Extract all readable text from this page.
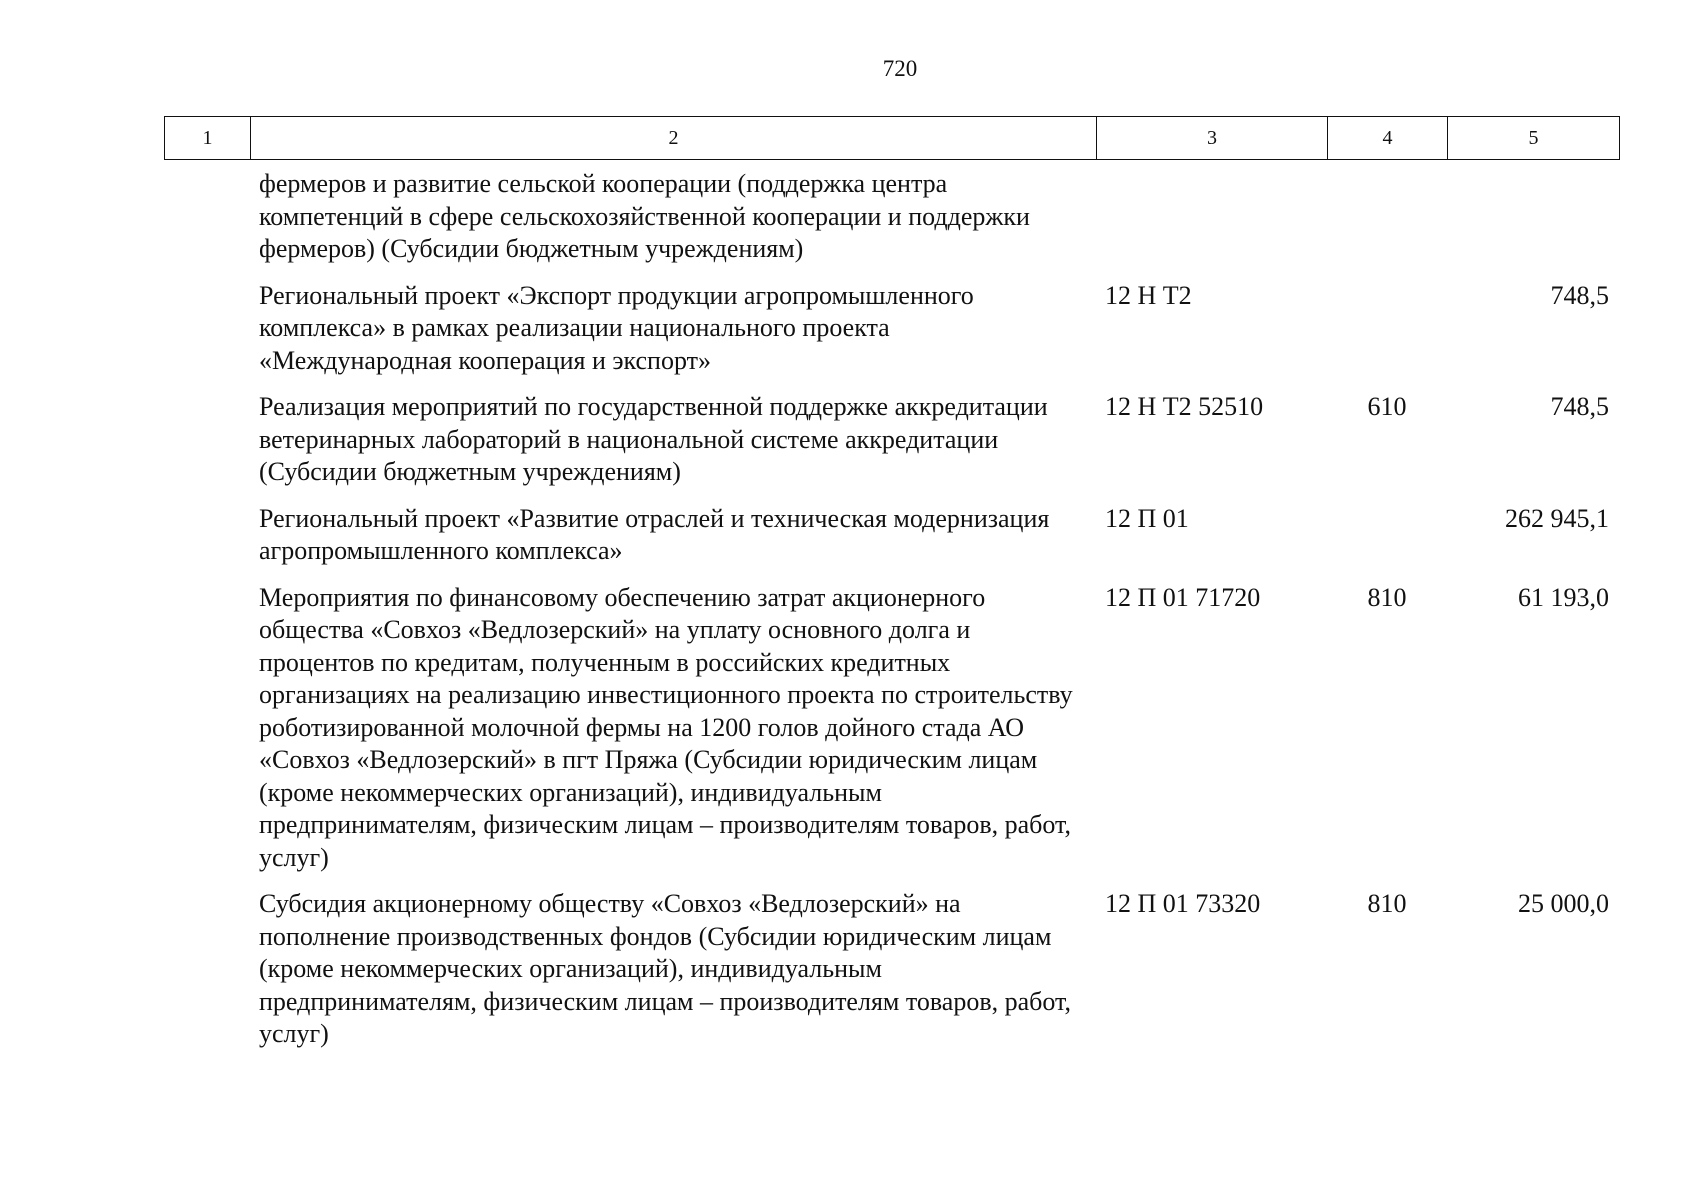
720
1	2	3	4	5
фермеров и развитие сельской кооперации (поддержка центра компетенций в сфере сельскохозяйственной кооперации и поддержки фермеров) (Субсидии бюджетным учреждениям)			
Региональный проект «Экспорт продукции агропромышленного комплекса» в рамках реализации национального проекта «Международная кооперация и экспорт»	12 Н Т2		748,5
Реализация мероприятий по государственной поддержке аккредитации ветеринарных лабораторий в национальной системе аккредитации (Субсидии бюджетным учреждениям)	12 Н Т2 52510	610	748,5
Региональный проект «Развитие отраслей и техническая модернизация агропромышленного комплекса»	12 П 01		262 945,1
Мероприятия по финансовому обеспечению затрат акционерного общества «Совхоз «Ведлозерский» на уплату основного долга и процентов по кредитам, полученным в российских кредитных организациях на реализацию инвестиционного проекта по строительству роботизированной молочной фермы на 1200 голов дойного стада АО «Совхоз «Ведлозерский» в пгт Пряжа (Субсидии юридическим лицам (кроме некоммерческих организаций), индивидуальным предпринимателям, физическим лицам – производителям товаров, работ, услуг)	12 П 01 71720	810	61 193,0
Субсидия акционерному обществу «Совхоз «Ведлозерский» на пополнение производственных фондов (Субсидии юридическим лицам (кроме некоммерческих организаций), индивидуальным предпринимателям, физическим лицам – производителям товаров, работ, услуг)	12 П 01 73320	810	25 000,0
